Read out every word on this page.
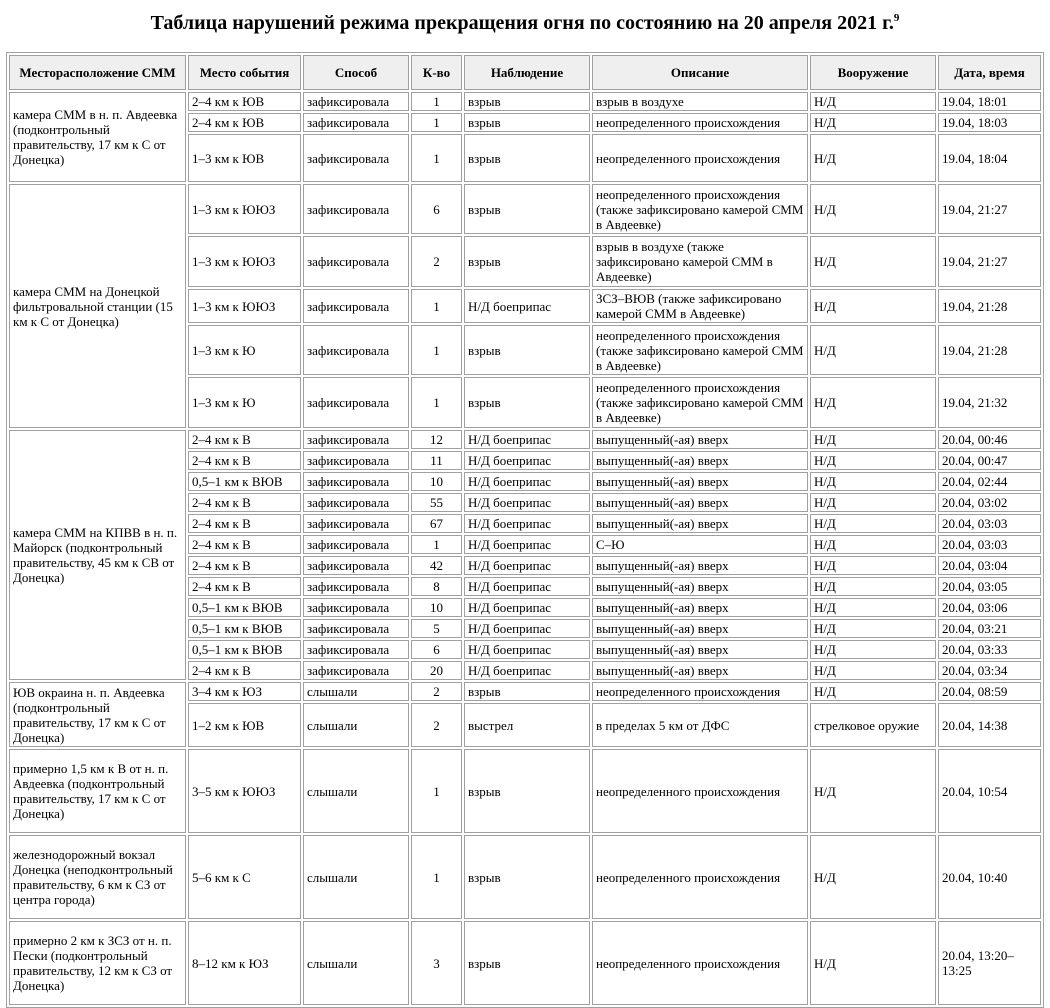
Таблица нарушений режима прекращения огня по состоянию на 20 апреля 2021 г.$^9$
Месторасположение СММ	Место события	Способ	К-во	Наблюдение	Описание	Вооружение	Дата, время
камера СММ в н. п. Авдеевка (подконтрольный правительству, 17 км к С от Донецка)	2–4 км к ЮВ	зафиксировала	1	взрыв	взрыв в воздухе	Н/Д	19.04, 18:01
	2–4 км к ЮВ	зафиксировала	1	взрыв	неопределенного происхождения	Н/Д	19.04, 18:03
	1–3 км к ЮВ	зафиксировала	1	взрыв	неопределенного происхождения	Н/Д	19.04, 18:04
камера СММ на Донецкой фильтровальной станции (15 км к С от Донецка)	1–3 км к ЮЮЗ	зафиксировала	6	взрыв	неопределенного происхождения (также зафиксировано камерой СММ в Авдеевке)	Н/Д	19.04, 21:27
	1–3 км к ЮЮЗ	зафиксировала	2	взрыв	взрыв в воздухе (также зафиксировано камерой СММ в Авдеевке)	Н/Д	19.04, 21:27
	1–3 км к ЮЮЗ	зафиксировала	1	Н/Д боеприпас	ЗСЗ–ВЮВ (также зафиксировано камерой СММ в Авдеевке)	Н/Д	19.04, 21:28
	1–3 км к Ю	зафиксировала	1	взрыв	неопределенного происхождения (также зафиксировано камерой СММ в Авдеевке)	Н/Д	19.04, 21:28
	1–3 км к Ю	зафиксировала	1	взрыв	неопределенного происхождения (также зафиксировано камерой СММ в Авдеевке)	Н/Д	19.04, 21:32
камера СММ на КПВВ в н. п. Майорск (подконтрольный правительству, 45 км к СВ от Донецка)	2–4 км к В	зафиксировала	12	Н/Д боеприпас	выпущенный(-ая) вверх	Н/Д	20.04, 00:46
	2–4 км к В	зафиксировала	11	Н/Д боеприпас	выпущенный(-ая) вверх	Н/Д	20.04, 00:47
	0,5–1 км к ВЮВ	зафиксировала	10	Н/Д боеприпас	выпущенный(-ая) вверх	Н/Д	20.04, 02:44
	2–4 км к В	зафиксировала	55	Н/Д боеприпас	выпущенный(-ая) вверх	Н/Д	20.04, 03:02
	2–4 км к В	зафиксировала	67	Н/Д боеприпас	выпущенный(-ая) вверх	Н/Д	20.04, 03:03
	2–4 км к В	зафиксировала	1	Н/Д боеприпас	С–Ю	Н/Д	20.04, 03:03
	2–4 км к В	зафиксировала	42	Н/Д боеприпас	выпущенный(-ая) вверх	Н/Д	20.04, 03:04
	2–4 км к В	зафиксировала	8	Н/Д боеприпас	выпущенный(-ая) вверх	Н/Д	20.04, 03:05
	0,5–1 км к ВЮВ	зафиксировала	10	Н/Д боеприпас	выпущенный(-ая) вверх	Н/Д	20.04, 03:06
	0,5–1 км к ВЮВ	зафиксировала	5	Н/Д боеприпас	выпущенный(-ая) вверх	Н/Д	20.04, 03:21
	0,5–1 км к ВЮВ	зафиксировала	6	Н/Д боеприпас	выпущенный(-ая) вверх	Н/Д	20.04, 03:33
	2–4 км к В	зафиксировала	20	Н/Д боеприпас	выпущенный(-ая) вверх	Н/Д	20.04, 03:34
ЮВ окраина н. п. Авдеевка (подконтрольный правительству, 17 км к С от Донецка)	3–4 км к ЮЗ	слышали	2	взрыв	неопределенного происхождения	Н/Д	20.04, 08:59
	1–2 км к ЮВ	слышали	2	выстрел	в пределах 5 км от ДФС	стрелковое оружие	20.04, 14:38
примерно 1,5 км к В от н. п. Авдеевка (подконтрольный правительству, 17 км к С от Донецка)	3–5 км к ЮЮЗ	слышали	1	взрыв	неопределенного происхождения	Н/Д	20.04, 10:54
железнодорожный вокзал Донецка (неподконтрольный правительству, 6 км к СЗ от центра города)	5–6 км к С	слышали	1	взрыв	неопределенного происхождения	Н/Д	20.04, 10:40
примерно 2 км к ЗСЗ от н. п. Пески (подконтрольный правительству, 12 км к СЗ от Донецка)	8–12 км к ЮЗ	слышали	3	взрыв	неопределенного происхождения	Н/Д	20.04, 13:20–13:25
